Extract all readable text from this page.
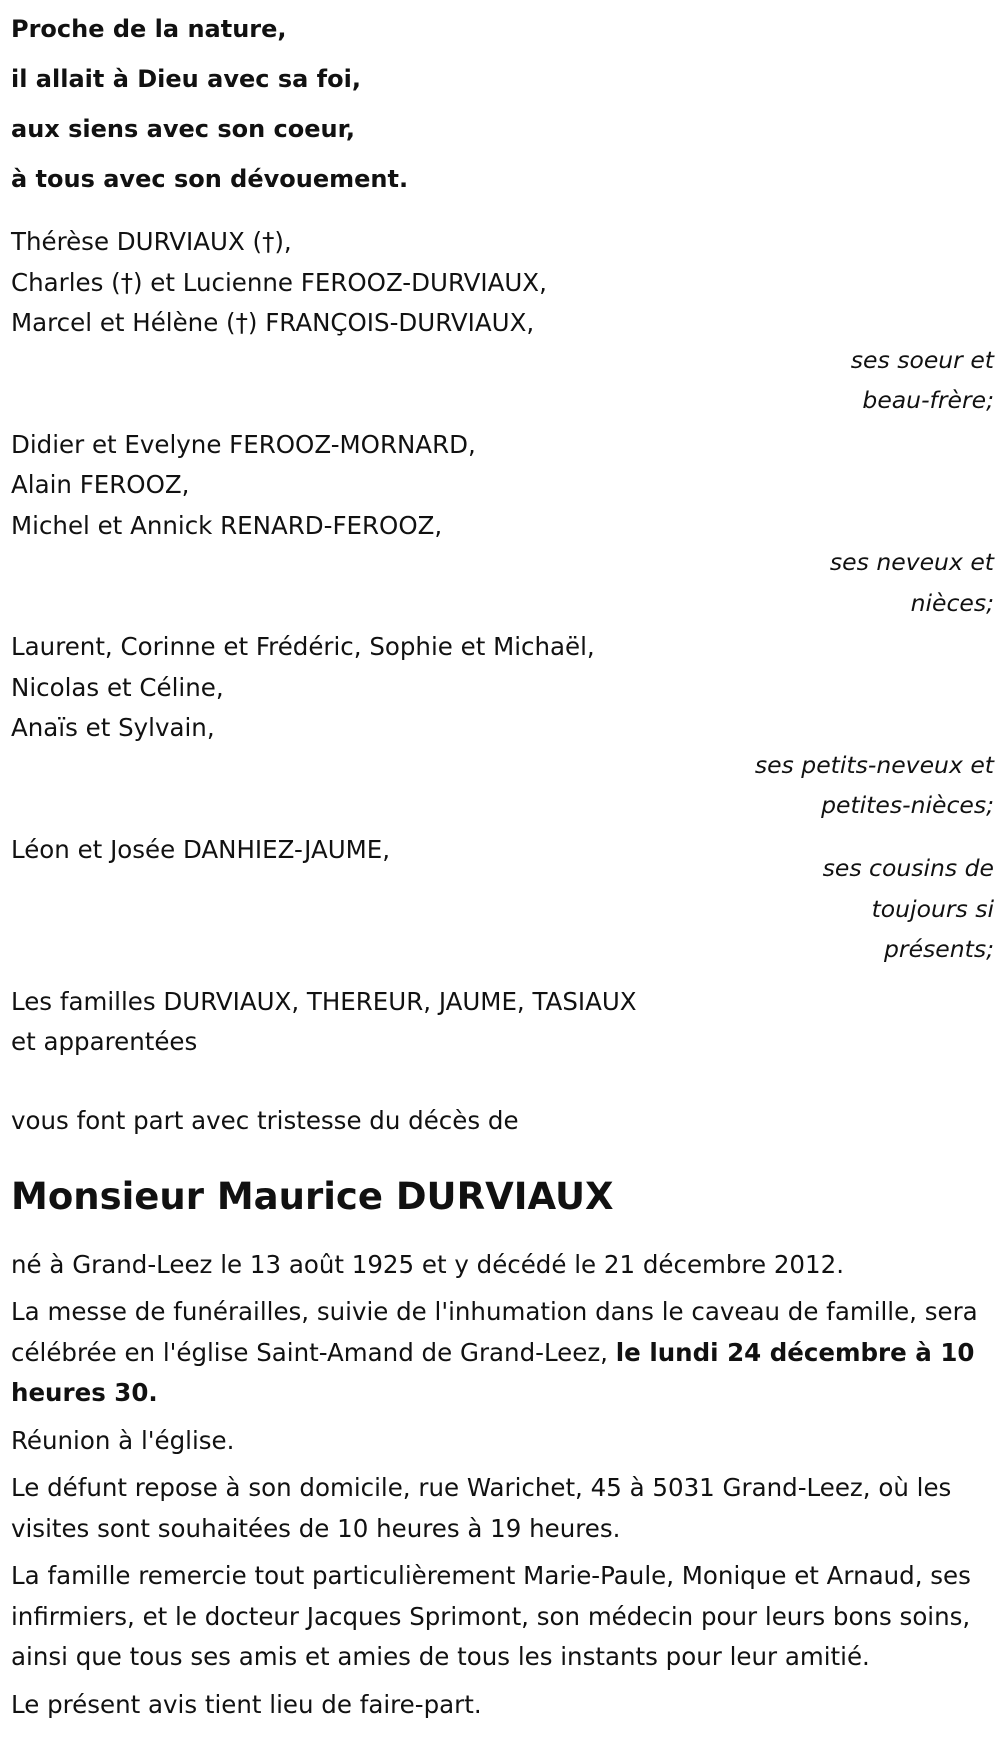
Proche de la nature,
il allait à Dieu avec sa foi,
aux siens avec son coeur,
à tous avec son dévouement.
Thérèse DURVIAUX (†),
Charles (†) et Lucienne FEROOZ-DURVIAUX,
Marcel et Hélène (†) FRANÇOIS-DURVIAUX,
ses soeur et
beau-frère;
Didier et Evelyne FEROOZ-MORNARD,
Alain FEROOZ,
Michel et Annick RENARD-FEROOZ,
ses neveux et
nièces;
Laurent, Corinne et Frédéric, Sophie et Michaël,
Nicolas et Céline,
Anaïs et Sylvain,
ses petits-neveux et
petites-nièces;
Léon et Josée DANHIEZ-JAUME,
ses cousins de
toujours si
présents;
Les familles DURVIAUX, THEREUR, JAUME, TASIAUX
et apparentées
vous font part avec tristesse du décès de
Monsieur Maurice DURVIAUX

né à Grand-Leez le 13 août 1925 et y décédé le 21 décembre 2012.

La messe de funérailles, suivie de l'inhumation dans le caveau de famille, sera célébrée en l'église Saint-Amand de Grand-Leez, le lundi 24 décembre à 10 heures 30.

Réunion à l'église.

Le défunt repose à son domicile, rue Warichet, 45 à 5031 Grand-Leez, où les visites sont souhaitées de 10 heures à 19 heures.

La famille remercie tout particulièrement Marie-Paule, Monique et Arnaud, ses infirmiers, et le docteur Jacques Sprimont, son médecin pour leurs bons soins, ainsi que tous ses amis et amies de tous les instants pour leur amitié.

Le présent avis tient lieu de faire-part.
